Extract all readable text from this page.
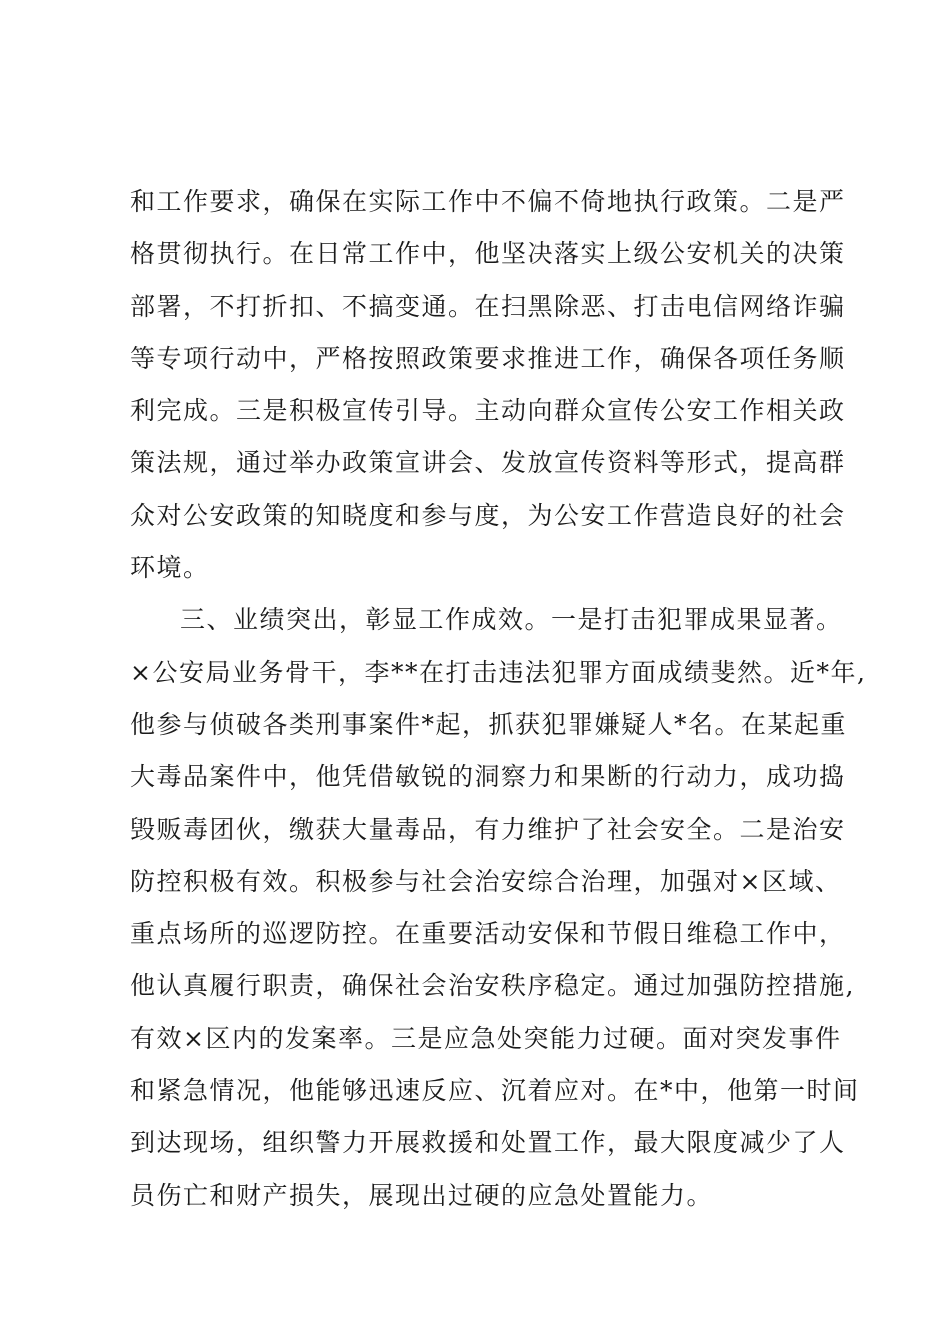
和工作要求，确保在实际工作中不偏不倚地执行政策。二是严
格贯彻执行。在日常工作中，他坚决落实上级公安机关的决策
部署，不打折扣、不搞变通。在扫黑除恶、打击电信网络诈骗
等专项行动中，严格按照政策要求推进工作，确保各项任务顺
利完成。三是积极宣传引导。主动向群众宣传公安工作相关政
策法规，通过举办政策宣讲会、发放宣传资料等形式，提高群
众对公安政策的知晓度和参与度，为公安工作营造良好的社会
环境。
三、业绩突出，彰显工作成效。一是打击犯罪成果显著。
×公安局业务骨干，李**在打击违法犯罪方面成绩斐然。近*年,
他参与侦破各类刑事案件*起，抓获犯罪嫌疑人*名。在某起重
大毒品案件中，他凭借敏锐的洞察力和果断的行动力，成功捣
毁贩毒团伙，缴获大量毒品，有力维护了社会安全。二是治安
防控积极有效。积极参与社会治安综合治理，加强对×区域、
重点场所的巡逻防控。在重要活动安保和节假日维稳工作中，
他认真履行职责，确保社会治安秩序稳定。通过加强防控措施,
有效×区内的发案率。三是应急处突能力过硬。面对突发事件
和紧急情况，他能够迅速反应、沉着应对。在*中，他第一时间
到达现场，组织警力开展救援和处置工作，最大限度减少了人
员伤亡和财产损失，展现出过硬的应急处置能力。
